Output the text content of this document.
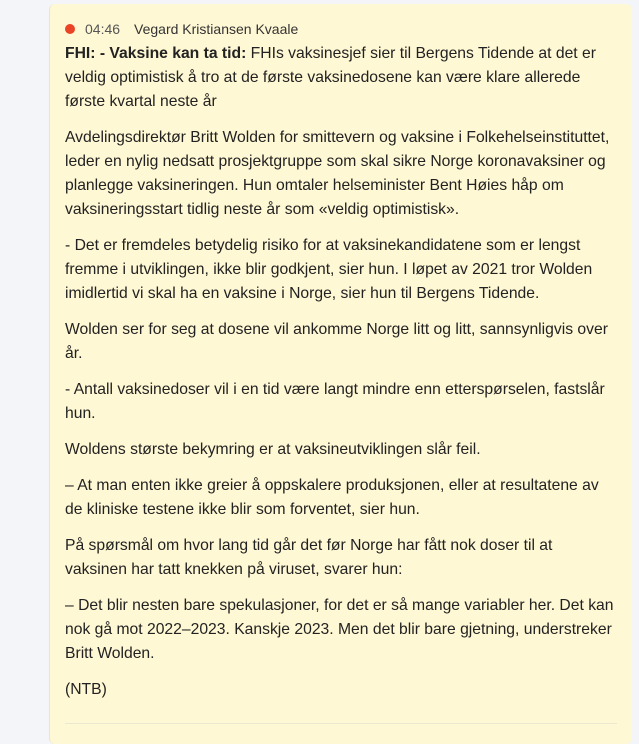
04:46 Vegard Kristiansen Kvaale

FHI: - Vaksine kan ta tid: FHIs vaksinesjef sier til Bergens Tidende at det er veldig optimistisk å tro at de første vaksinedosene kan være klare allerede første kvartal neste år

Avdelingsdirektør Britt Wolden for smittevern og vaksine i Folkehelseinstituttet, leder en nylig nedsatt prosjektgruppe som skal sikre Norge koronavaksiner og planlegge vaksineringen. Hun omtaler helseminister Bent Høies håp om vaksineringsstart tidlig neste år som «veldig optimistisk».

- Det er fremdeles betydelig risiko for at vaksinekandidatene som er lengst fremme i utviklingen, ikke blir godkjent, sier hun. I løpet av 2021 tror Wolden imidlertid vi skal ha en vaksine i Norge, sier hun til Bergens Tidende.

Wolden ser for seg at dosene vil ankomme Norge litt og litt, sannsynligvis over år.

- Antall vaksinedoser vil i en tid være langt mindre enn etterspørselen, fastslår hun.

Woldens største bekymring er at vaksineutviklingen slår feil.

– At man enten ikke greier å oppskalere produksjonen, eller at resultatene av de kliniske testene ikke blir som forventet, sier hun.

På spørsmål om hvor lang tid går det før Norge har fått nok doser til at vaksinen har tatt knekken på viruset, svarer hun:

– Det blir nesten bare spekulasjoner, for det er så mange variabler her. Det kan nok gå mot 2022–2023. Kanskje 2023. Men det blir bare gjetning, understreker Britt Wolden.

(NTB)
